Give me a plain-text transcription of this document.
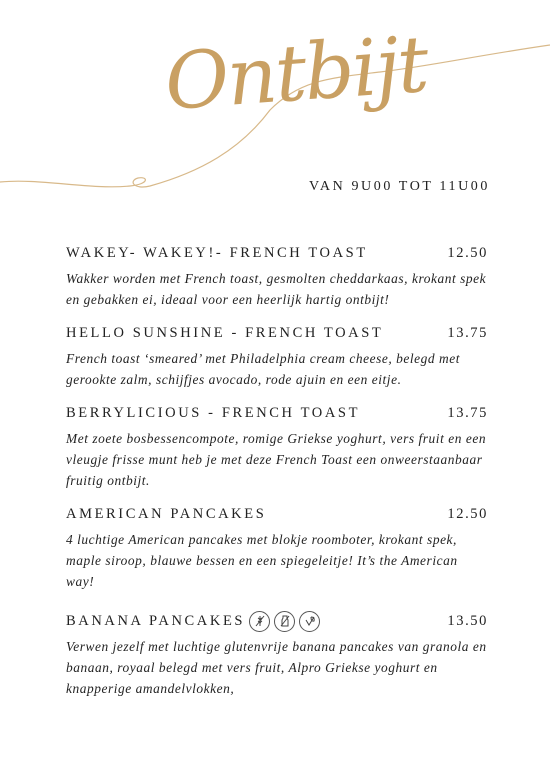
Ontbijt
VAN 9U00 TOT 11U00
WAKEY- WAKEY!- FRENCH TOAST	12.50
Wakker worden met French toast, gesmolten cheddarkaas, krokant spek en gebakken ei, ideaal voor een heerlijk hartig ontbijt!
HELLO SUNSHINE - FRENCH TOAST	13.75
French toast ‘smeared’ met Philadelphia cream cheese, belegd met gerookte zalm, schijfjes avocado, rode ajuin en een eitje.
BERRYLICIOUS - FRENCH TOAST	13.75
Met zoete bosbessencompote, romige Griekse yoghurt, vers fruit en een vleugje frisse munt heb je met deze French Toast een onweerstaanbaar fruitig ontbijt.
AMERICAN PANCAKES	12.50
4 luchtige American pancakes met blokje roomboter, krokant spek, maple siroop, blauwe bessen en een spiegeleitje! It’s the American way!
BANANA PANCAKES	13.50
Verwen jezelf met luchtige glutenvrije banana pancakes van granola en banaan, royaal belegd met vers fruit, Alpro Griekse yoghurt en knapperige amandelvlokken,
